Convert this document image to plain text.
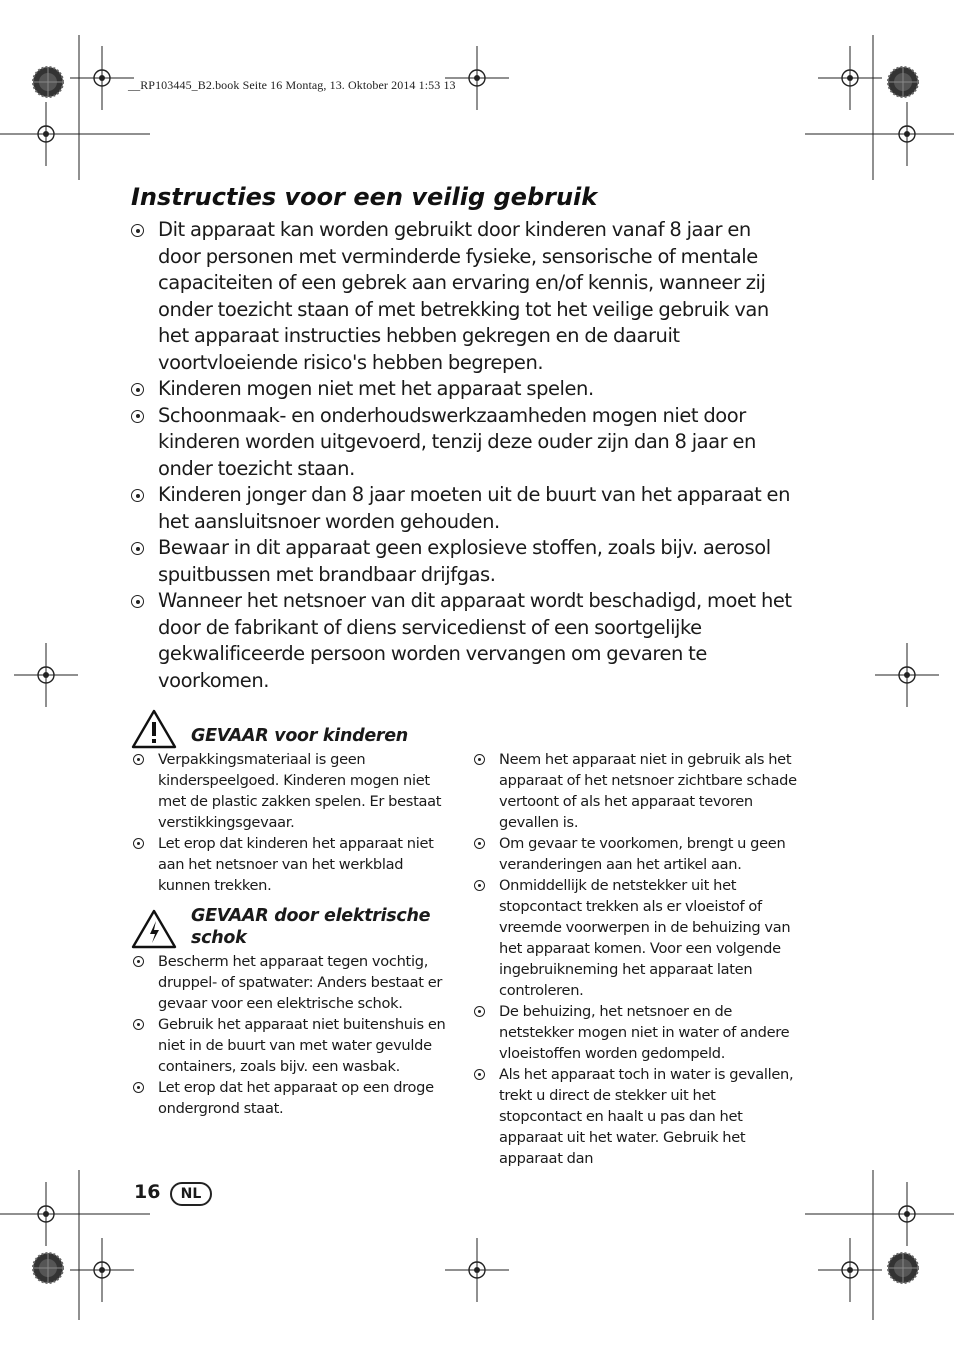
__RP103445_B2.book Seite 16 Montag, 13. Oktober 2014 1:53 13
Instructies voor een veilig gebruik
Dit apparaat kan worden gebruikt door kinderen vanaf 8 jaar en door personen met verminderde fysieke, sensorische of mentale capaciteiten of een gebrek aan ervaring en/of kennis, wanneer zij onder toezicht staan of met betrekking tot het veilige gebruik van het apparaat instructies hebben gekregen en de daaruit voortvloeiende risico's hebben begrepen.
Kinderen mogen niet met het apparaat spelen.
Schoonmaak- en onderhoudswerkzaamheden mogen niet door kinderen worden uitgevoerd, tenzij deze ouder zijn dan 8 jaar en onder toezicht staan.
Kinderen jonger dan 8 jaar moeten uit de buurt van het apparaat en het aansluitsnoer worden gehouden.
Bewaar in dit apparaat geen explosieve stoffen, zoals bijv. aerosol spuitbussen met brandbaar drijfgas.
Wanneer het netsnoer van dit apparaat wordt beschadigd, moet het door de fabrikant of diens servicedienst of een soortgelijke gekwalificeerde persoon worden vervangen om gevaren te voorkomen.
GEVAAR voor kinderen
Verpakkingsmateriaal is geen kinderspeelgoed. Kinderen mogen niet met de plastic zakken spelen. Er bestaat verstikkingsgevaar.
Let erop dat kinderen het apparaat niet aan het netsnoer van het werkblad kunnen trekken.
GEVAAR door elektrische
schok
Bescherm het apparaat tegen vochtig, druppel- of spatwater: Anders bestaat er gevaar voor een elektrische schok.
Gebruik het apparaat niet buitenshuis en niet in de buurt van met water gevulde containers, zoals bijv. een wasbak.
Let erop dat het apparaat op een droge ondergrond staat.
Neem het apparaat niet in gebruik als het apparaat of het netsnoer zichtbare schade vertoont of als het apparaat tevoren gevallen is.
Om gevaar te voorkomen, brengt u geen veranderingen aan het artikel aan.
Onmiddellijk de netstekker uit het stopcontact trekken als er vloeistof of vreemde voorwerpen in de behuizing van het apparaat komen. Voor een volgende ingebruikneming het apparaat laten controleren.
De behuizing, het netsnoer en de netstekker mogen niet in water of andere vloeistoffen worden gedompeld.
Als het apparaat toch in water is gevallen, trekt u direct de stekker uit het stopcontact en haalt u pas dan het apparaat uit het water. Gebruik het apparaat dan
16	NL
